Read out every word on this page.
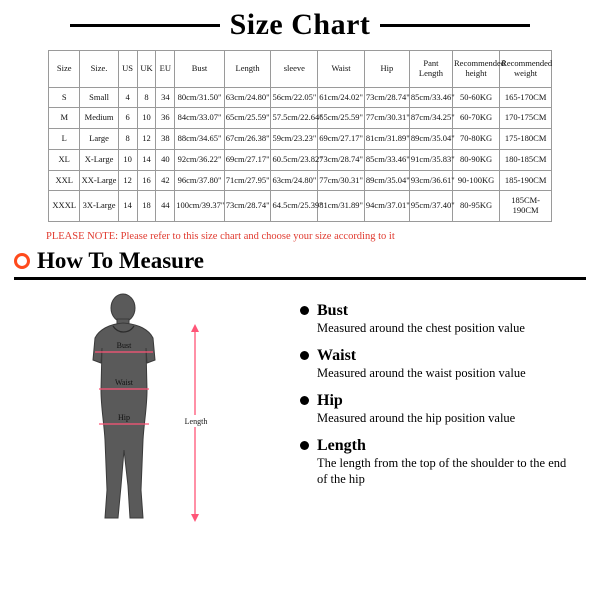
Size Chart
Size	Size.	US	UK	EU	Bust	Length	sleeve	Waist	Hip	Pant Length	Recommended height	Recommended weight
S	Small	4	8	34	80cm/31.50"	63cm/24.80"	56cm/22.05"	61cm/24.02"	73cm/28.74"	85cm/33.46"	50-60KG	165-170CM
M	Medium	6	10	36	84cm/33.07"	65cm/25.59"	57.5cm/22.64"	65cm/25.59"	77cm/30.31"	87cm/34.25"	60-70KG	170-175CM
L	Large	8	12	38	88cm/34.65"	67cm/26.38"	59cm/23.23"	69cm/27.17"	81cm/31.89"	89cm/35.04"	70-80KG	175-180CM
XL	X-Large	10	14	40	92cm/36.22"	69cm/27.17"	60.5cm/23.82"	73cm/28.74"	85cm/33.46"	91cm/35.83"	80-90KG	180-185CM
XXL	XX-Large	12	16	42	96cm/37.80"	71cm/27.95"	63cm/24.80"	77cm/30.31"	89cm/35.04"	93cm/36.61"	90-100KG	185-190CM
XXXL	3X-Large	14	18	44	100cm/39.37"	73cm/28.74"	64.5cm/25.39"	81cm/31.89"	94cm/37.01"	95cm/37.40"	80-95KG	185CM-190CM
PLEASE NOTE: Please refer to this size chart and choose your size according to it
How To Measure
Bust
Waist
Hip	Length
Bust
Measured around the chest position value
Waist
Measured around the waist position value
Hip
Measured around the hip position value
Length
The length from the top of the shoulder to the end of the hip
